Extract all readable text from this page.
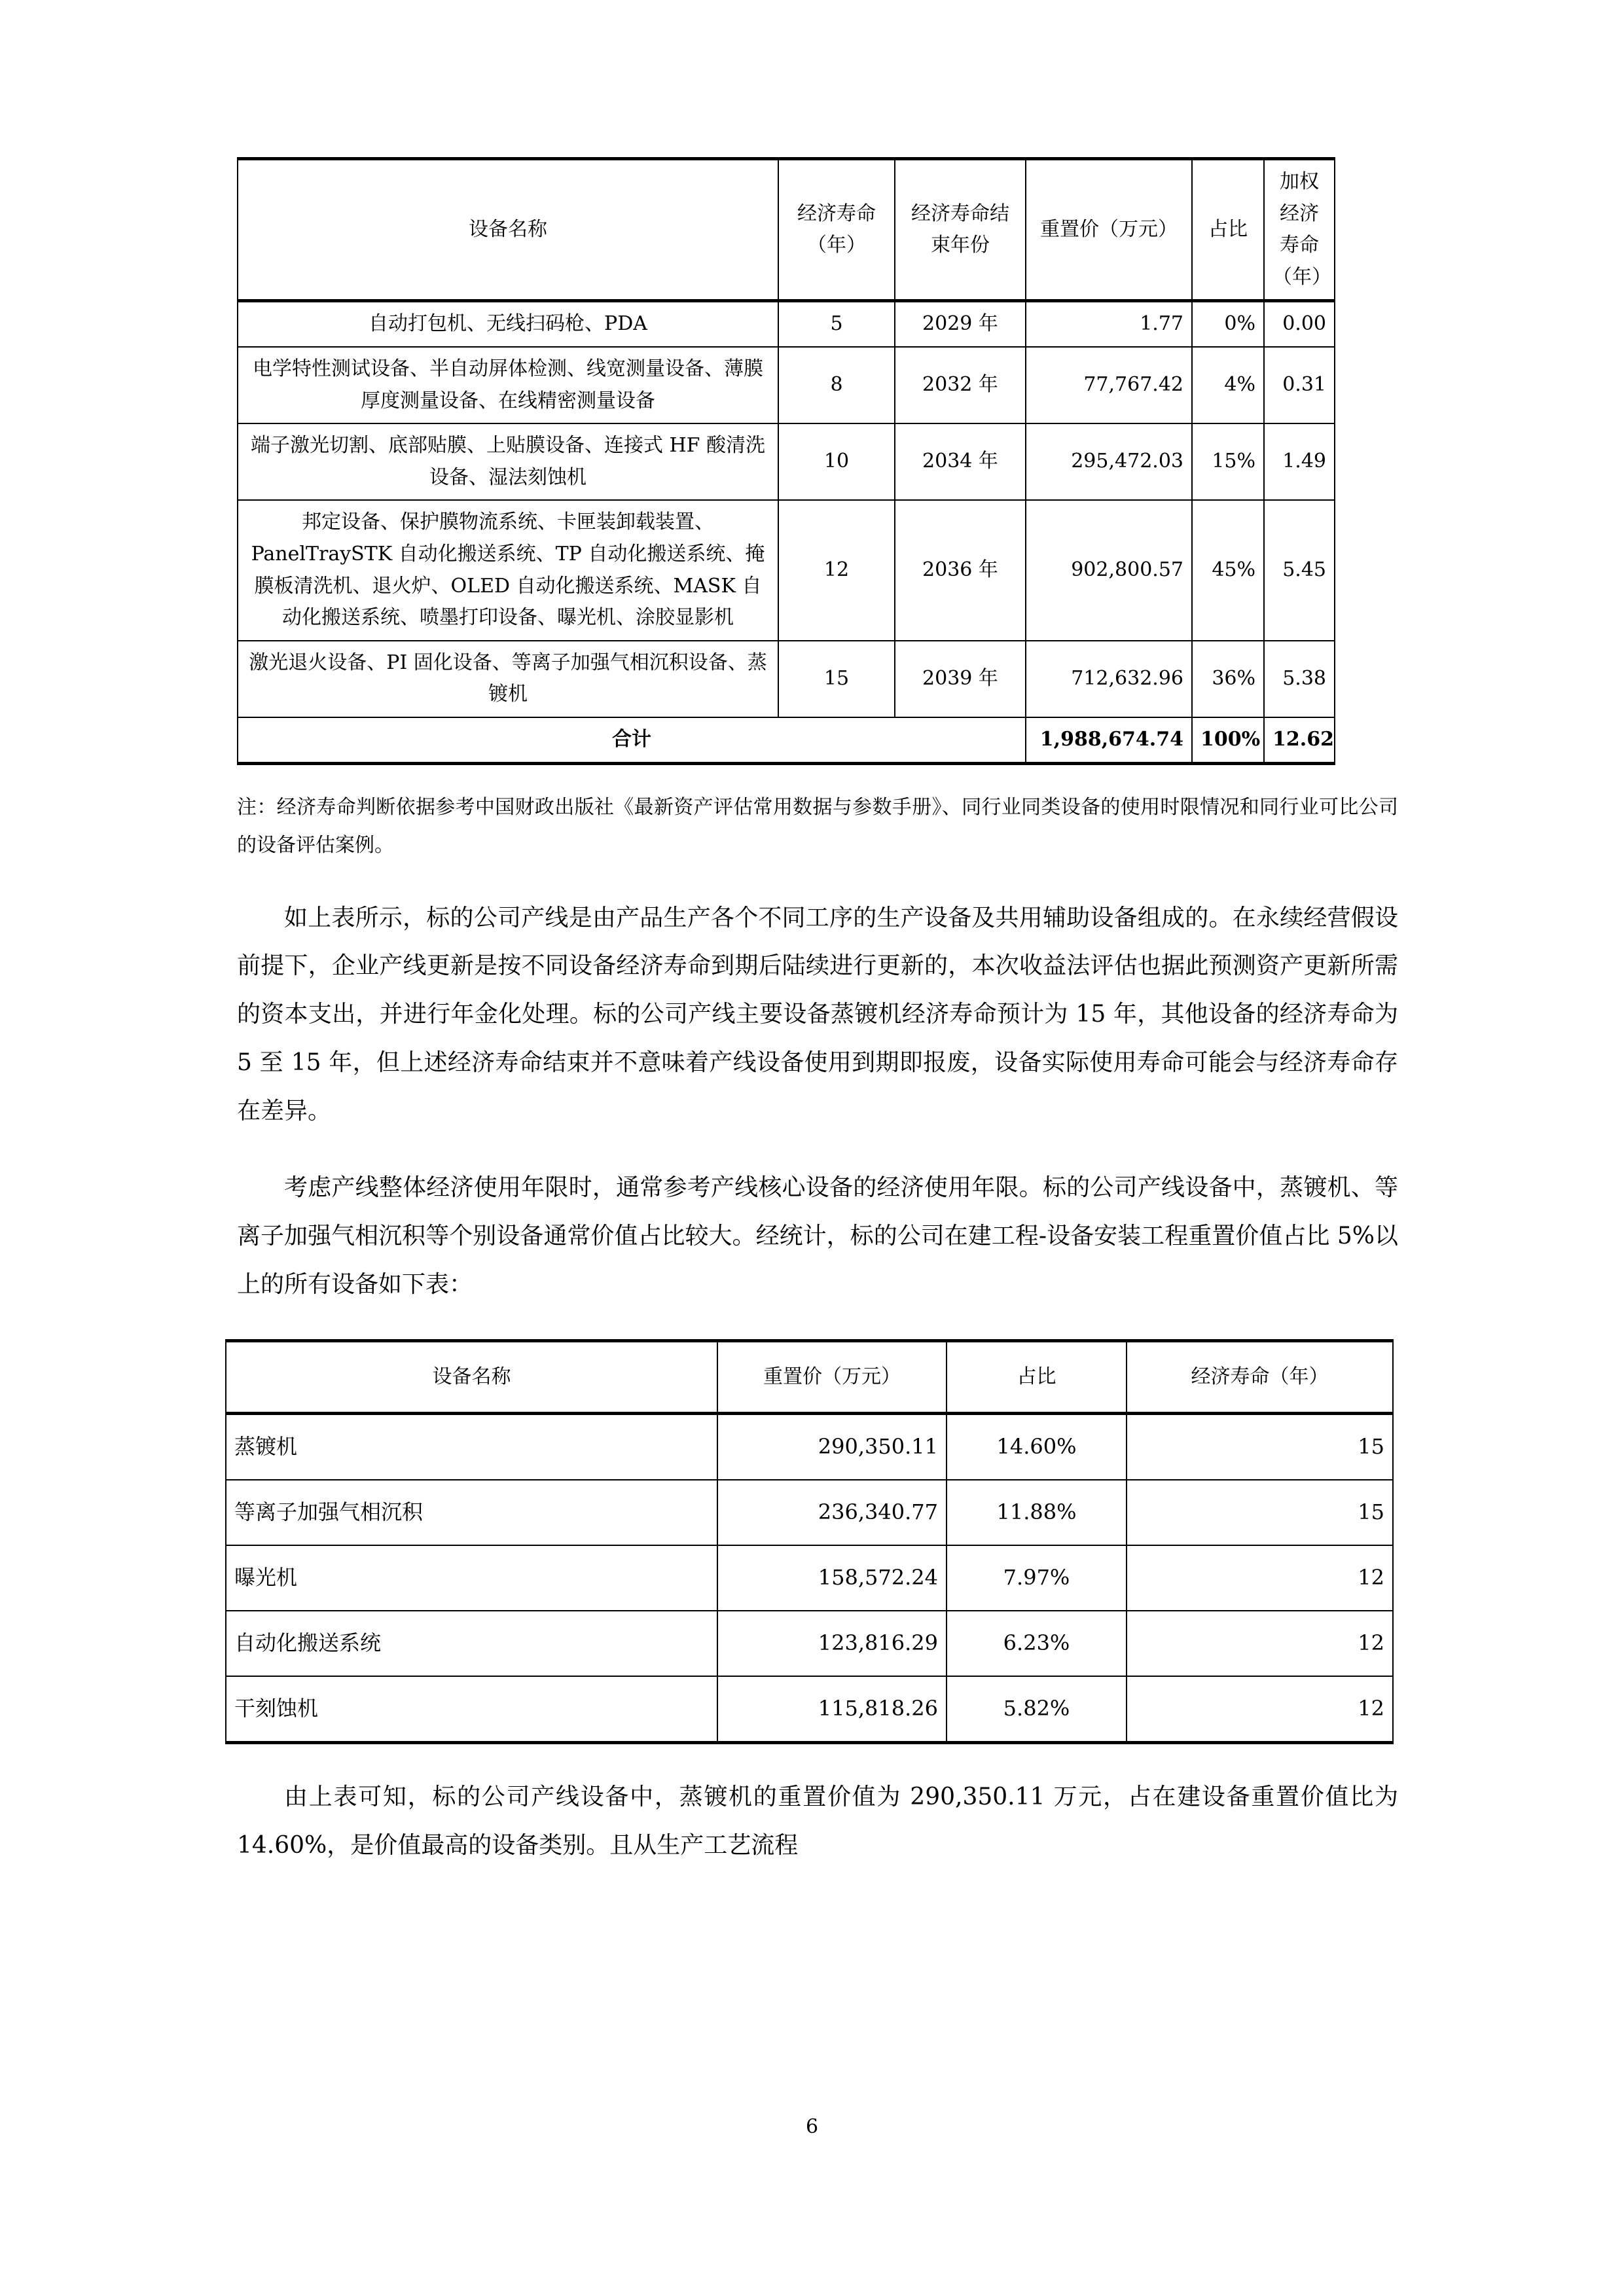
设备名称	经济寿命（年）	经济寿命结束年份	重置价（万元）	占比	加权经济寿命（年）
自动打包机、无线扫码枪、PDA	5	2029 年	1.77	0%	0.00
电学特性测试设备、半自动屏体检测、线宽测量设备、薄膜厚度测量设备、在线精密测量设备	8	2032 年	77,767.42	4%	0.31
端子激光切割、底部贴膜、上贴膜设备、连接式 HF 酸清洗设备、湿法刻蚀机	10	2034 年	295,472.03	15%	1.49
邦定设备、保护膜物流系统、卡匣装卸载装置、PanelTraySTK 自动化搬送系统、TP 自动化搬送系统、掩膜板清洗机、退火炉、OLED 自动化搬送系统、MASK 自动化搬送系统、喷墨打印设备、曝光机、涂胶显影机	12	2036 年	902,800.57	45%	5.45
激光退火设备、PI 固化设备、等离子加强气相沉积设备、蒸镀机	15	2039 年	712,632.96	36%	5.38
合计			1,988,674.74	100%	12.62
注：经济寿命判断依据参考中国财政出版社《最新资产评估常用数据与参数手册》、同行业同类设备的使用时限情况和同行业可比公司的设备评估案例。

如上表所示，标的公司产线是由产品生产各个不同工序的生产设备及共用辅助设备组成的。在永续经营假设前提下，企业产线更新是按不同设备经济寿命到期后陆续进行更新的，本次收益法评估也据此预测资产更新所需的资本支出，并进行年金化处理。标的公司产线主要设备蒸镀机经济寿命预计为 15 年，其他设备的经济寿命为 5 至 15 年，但上述经济寿命结束并不意味着产线设备使用到期即报废，设备实际使用寿命可能会与经济寿命存在差异。

考虑产线整体经济使用年限时，通常参考产线核心设备的经济使用年限。标的公司产线设备中，蒸镀机、等离子加强气相沉积等个别设备通常价值占比较大。经统计，标的公司在建工程-设备安装工程重置价值占比 5%以上的所有设备如下表：

设备名称	重置价（万元）	占比	经济寿命（年）
蒸镀机	290,350.11	14.60%	15
等离子加强气相沉积	236,340.77	11.88%	15
曝光机	158,572.24	7.97%	12
自动化搬送系统	123,816.29	6.23%	12
干刻蚀机	115,818.26	5.82%	12

由上表可知，标的公司产线设备中，蒸镀机的重置价值为 290,350.11 万元，占在建设备重置价值比为 14.60%，是价值最高的设备类别。且从生产工艺流程

6
